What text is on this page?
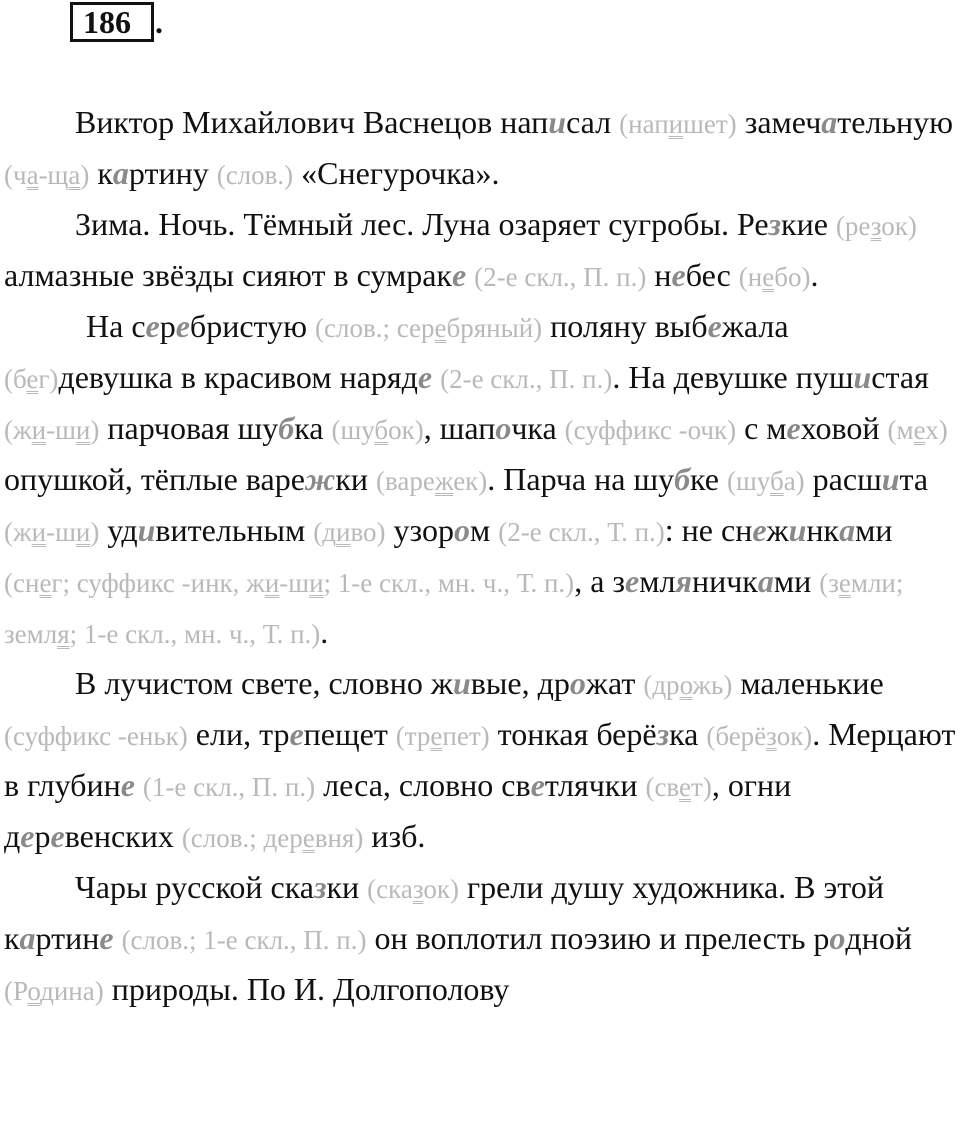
186 .

Виктор Михайлович Васнецов написал (напишет) замечательную (ча-ща) картину (слов.) «Снегурочка».

Зима. Ночь. Тёмный лес. Луна озаряет сугробы. Резкие (резок) алмазные звёзды сияют в сумраке (2-е скл., П. п.) небес (небо).

На серебристую (слов.; серебряный) поляну выбежала (бег)девушка в красивом наряде (2-е скл., П. п.). На девушке пушистая (жи-ши) парчовая шубка (шубок), шапочка (суффикс -очк) с меховой (мех) опушкой, тёплые варежки (варежек). Парча на шубке (шуба) расшита (жи-ши) удивительным (диво) узором (2-е скл., Т. п.): не снежинками (снег; суффикс -инк, жи-ши; 1-е скл., мн. ч., Т. п.), а земляничками (земли; земля; 1-е скл., мн. ч., Т. п.).

В лучистом свете, словно живые, дрожат (дрожь) маленькие (суффикс -еньк) ели, трепещет (трепет) тонкая берёзка (берёзок). Мерцают в глубине (1-е скл., П. п.) леса, словно светлячки (свет), огни деревенских (слов.; деревня) изб.

Чары русской сказки (сказок) грели душу художника. В этой картине (слов.; 1-е скл., П. п.) он воплотил поэзию и прелесть родной (Родина) природы. По И. Долгополову
